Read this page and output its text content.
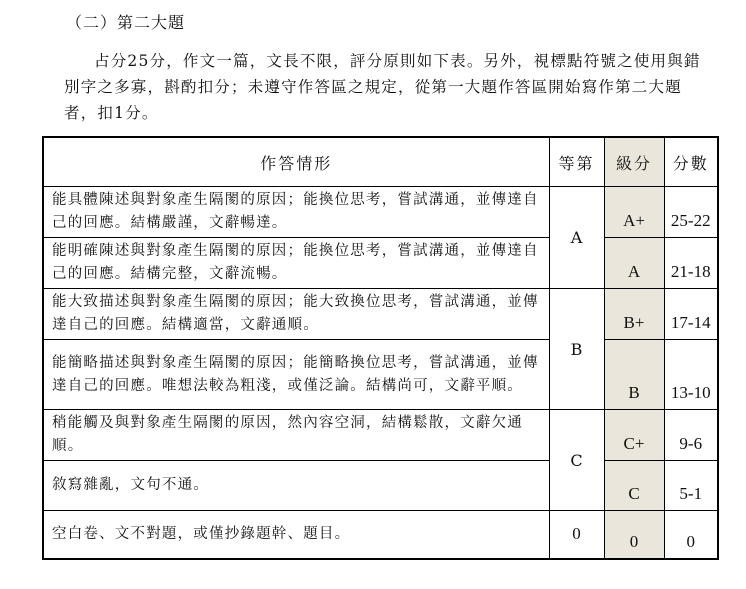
（二）第二大題
占分25分，作文一篇，文長不限，評分原則如下表。另外，視標點符號之使用與錯別字之多寡，斟酌扣分；未遵守作答區之規定，從第一大題作答區開始寫作第二大題者，扣1分。
作答情形	等第	級分	分數
能具體陳述與對象產生隔閡的原因；能換位思考，嘗試溝通，並傳達自己的回應。結構嚴謹，文辭暢達。	A	A+	25-22
能明確陳述與對象產生隔閡的原因；能換位思考，嘗試溝通，並傳達自己的回應。結構完整，文辭流暢。		A	21-18
能大致描述與對象產生隔閡的原因；能大致換位思考，嘗試溝通，並傳達自己的回應。結構適當，文辭通順。	B	B+	17-14
能簡略描述與對象產生隔閡的原因；能簡略換位思考，嘗試溝通，並傳達自己的回應。唯想法較為粗淺，或僅泛論。結構尚可，文辭平順。		B	13-10
稍能觸及與對象產生隔閡的原因，然內容空洞，結構鬆散，文辭欠通順。	C	C+	9-6
敘寫雜亂，文句不通。		C	5-1
空白卷、文不對題，或僅抄錄題幹、題目。	0	0	0
